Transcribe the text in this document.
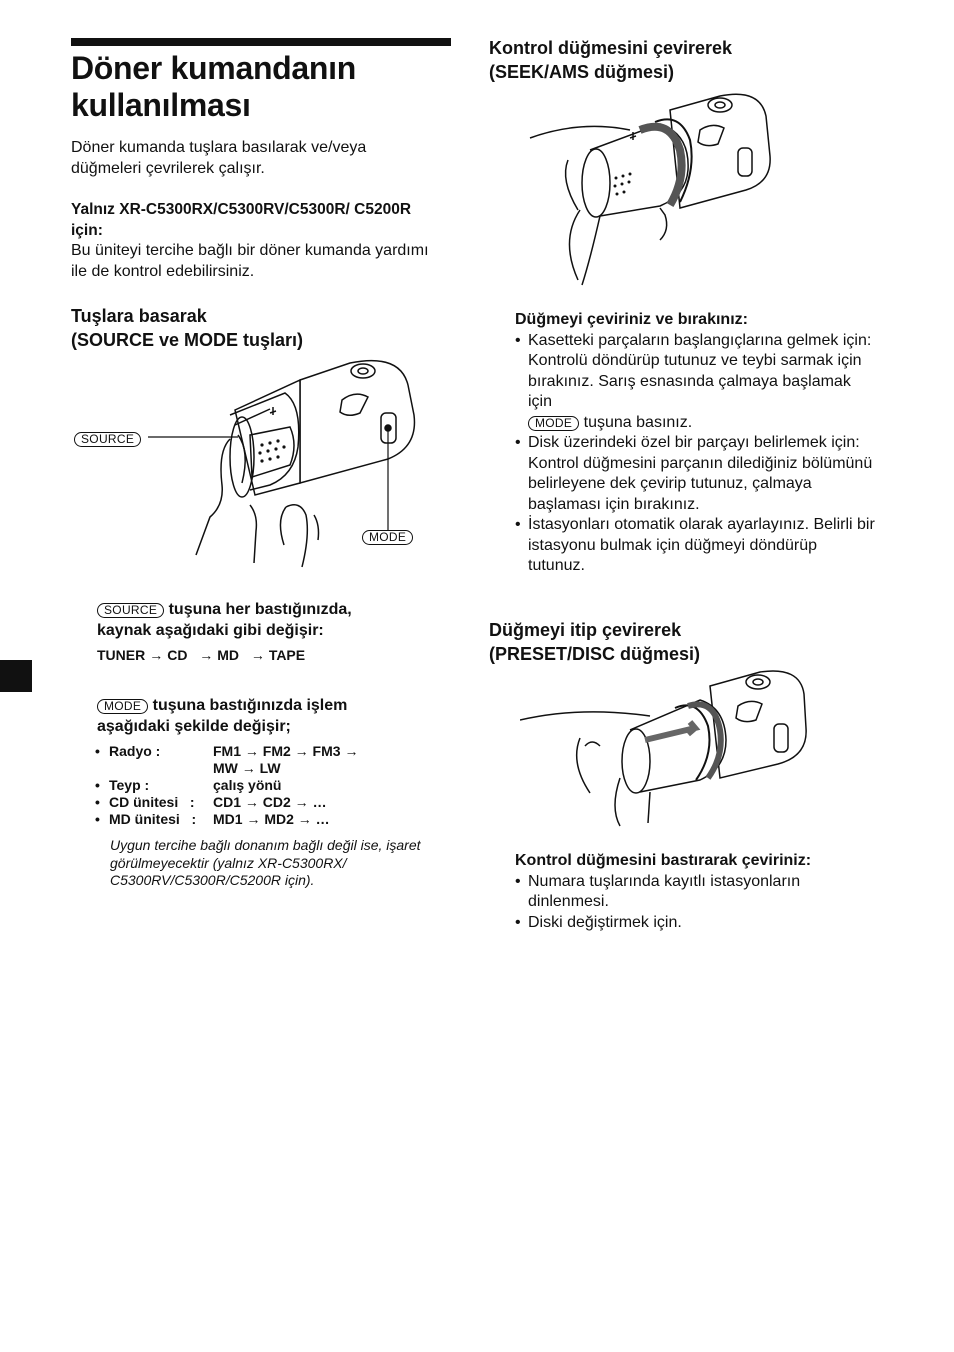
Döner kumandanın kullanılması
Döner kumanda tuşlara basılarak ve/veya düğmeleri çevrilerek çalışır.
Yalnız XR-C5300RX/C5300RV/C5300R/ C5200R için:
Bu üniteyi tercihe bağlı bir döner kumanda yardımı ile de kontrol edebilirsiniz.
Tuşlara basarak
(SOURCE ve MODE tuşları)
SOURCE
MODE
SOURCE tuşuna her bastığınızda,
kaynak aşağıdaki gibi değişir:
TUNER → CD → MD → TAPE
MODE tuşuna bastığınızda işlem
aşağıdaki şekilde değişir;
•	Radyo :	FM1 → FM2 → FM3 →
MW → LW

•	Teyp :	çalış yönü
•	CD ünitesi   :	CD1 → CD2 → …
•	MD ünitesi   :	MD1 → MD2 → …
Uygun tercihe bağlı donanım bağlı değil ise, işaret görülmeyecektir (yalnız XR-C5300RX/ C5300RV/C5300R/C5200R için).
Kontrol düğmesini çevirerek
(SEEK/AMS düğmesi)
Düğmeyi çeviriniz ve bırakınız:
• Kasetteki parçaların başlangıçlarına gelmek için: Kontrolü döndürüp tutunuz ve teybi sarmak için bırakınız. Sarış esnasında çalmaya başlamak için
MODE tuşuna basınız.
• Disk üzerindeki özel bir parçayı belirlemek için: Kontrol düğmesini parçanın dilediğiniz bölümünü belirleyene dek çevirip tutunuz, çalmaya başlaması için bırakınız.
• İstasyonları otomatik olarak ayarlayınız. Belirli bir istasyonu bulmak için düğmeyi döndürüp tutunuz.
Düğmeyi itip çevirerek
(PRESET/DISC düğmesi)
Kontrol düğmesini bastırarak çeviriniz:
• Numara tuşlarında kayıtlı istasyonların dinlenmesi.
• Diski değiştirmek için.
